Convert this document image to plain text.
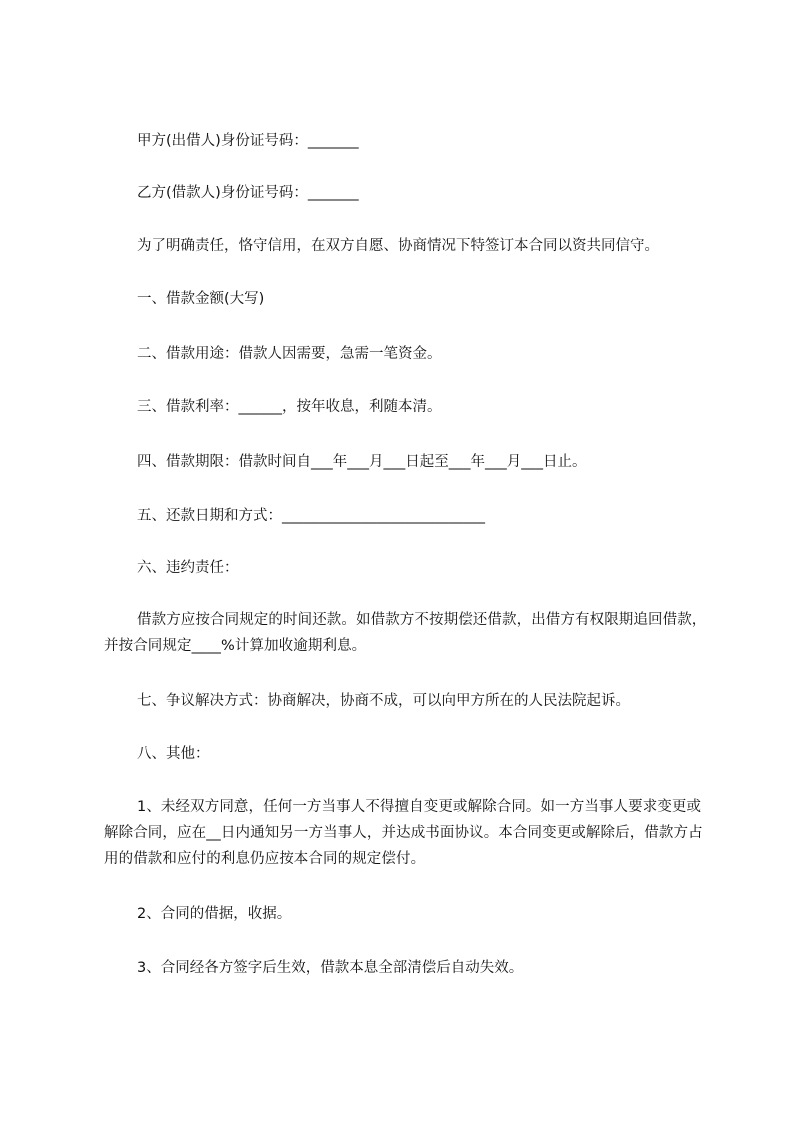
甲方(出借人)身份证号码：_______

乙方(借款人)身份证号码：_______

为了明确责任，恪守信用，在双方自愿、协商情况下特签订本合同以资共同信守。

一、借款金额(大写)

二、借款用途：借款人因需要，急需一笔资金。

三、借款利率：______，按年收息，利随本清。

四、借款期限：借款时间自___年___月___日起至___年___月___日止。

五、还款日期和方式：____________________________

六、违约责任：

借款方应按合同规定的时间还款。如借款方不按期偿还借款，出借方有权限期追回借款，并按合同规定____%计算加收逾期利息。

七、争议解决方式：协商解决，协商不成，可以向甲方所在的人民法院起诉。

八、其他：

1、未经双方同意，任何一方当事人不得擅自变更或解除合同。如一方当事人要求变更或解除合同，应在__日内通知另一方当事人，并达成书面协议。本合同变更或解除后，借款方占用的借款和应付的利息仍应按本合同的规定偿付。

2、合同的借据，收据。

3、合同经各方签字后生效，借款本息全部清偿后自动失效。
